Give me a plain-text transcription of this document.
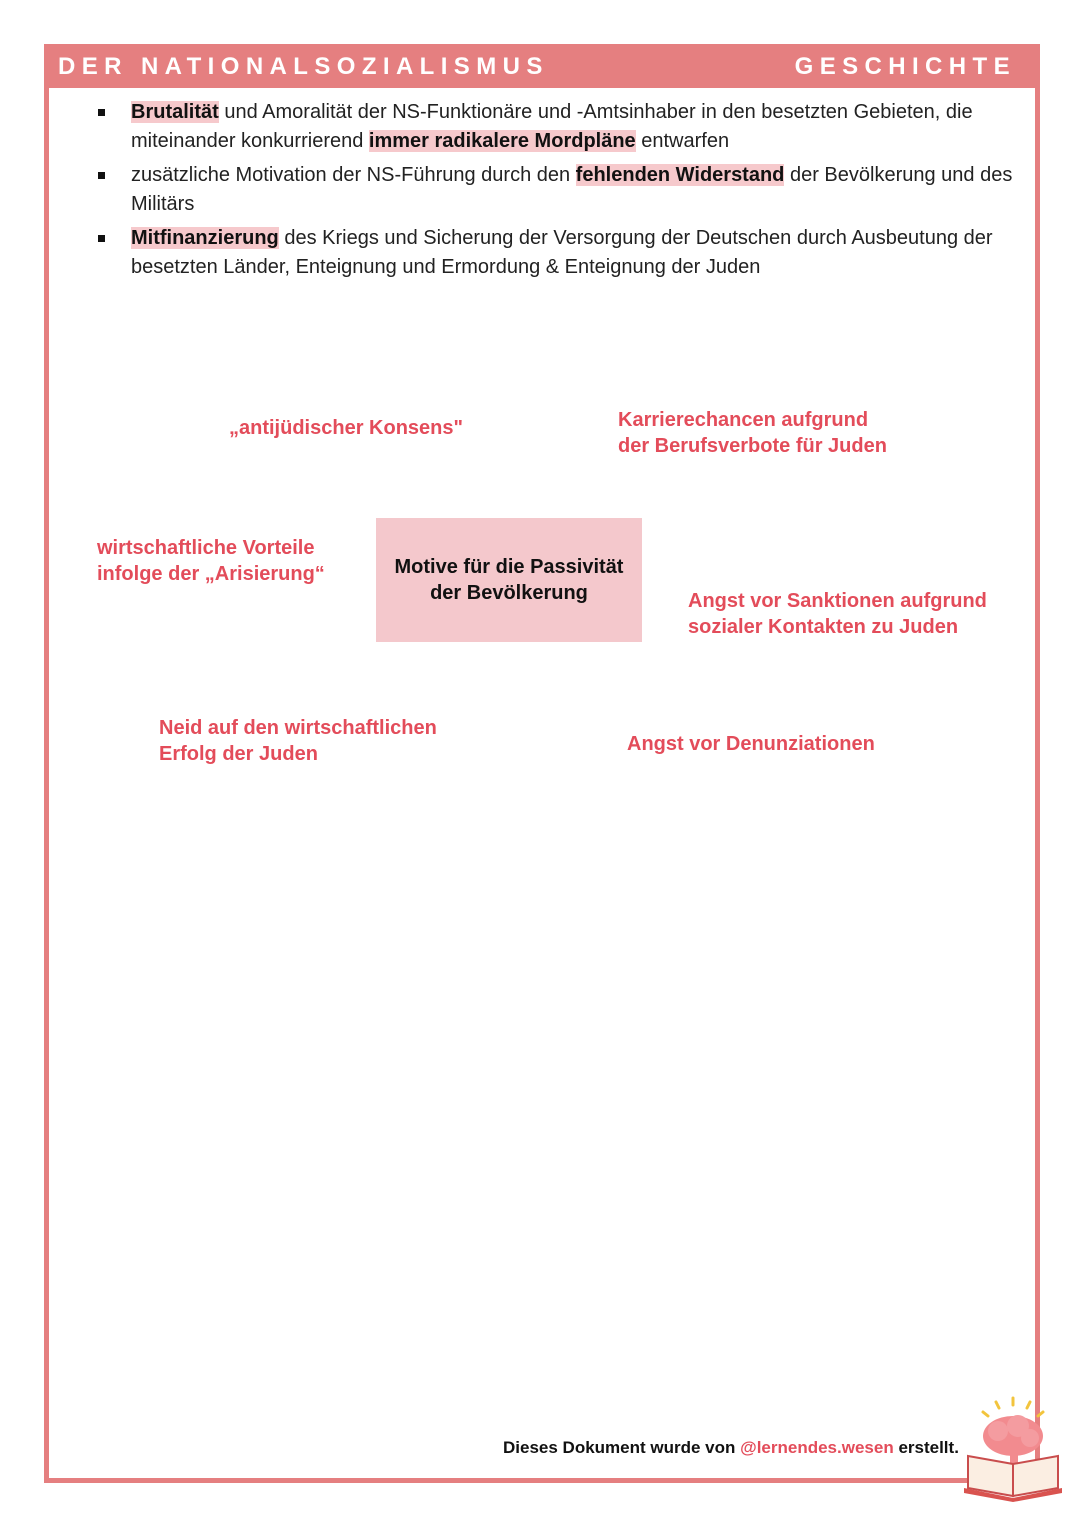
DER NATIONALSOZIALISMUS	GESCHICHTE
Brutalität und Amoralität der NS-Funktionäre und -Amtsinhaber in den besetzten Gebieten, die miteinander konkurrierend immer radikalere Mordpläne entwarfen
zusätzliche Motivation der NS-Führung durch den fehlenden Widerstand der Bevölkerung und des Militärs
Mitfinanzierung des Kriegs und Sicherung der Versorgung der Deutschen durch Ausbeutung der besetzten Länder, Enteignung und Ermordung & Enteignung der Juden
„antijüdischer Konsens"	Karrierechancen aufgrund
der Berufsverbote für Juden
wirtschaftliche Vorteile
infolge der „Arisierung“	Motive für die Passivität
der Bevölkerung	Angst vor Sanktionen aufgrund
sozialer Kontakten zu Juden
Neid auf den wirtschaftlichen
Erfolg der Juden	Angst vor Denunziationen
Dieses Dokument wurde von @lernendes.wesen erstellt.
